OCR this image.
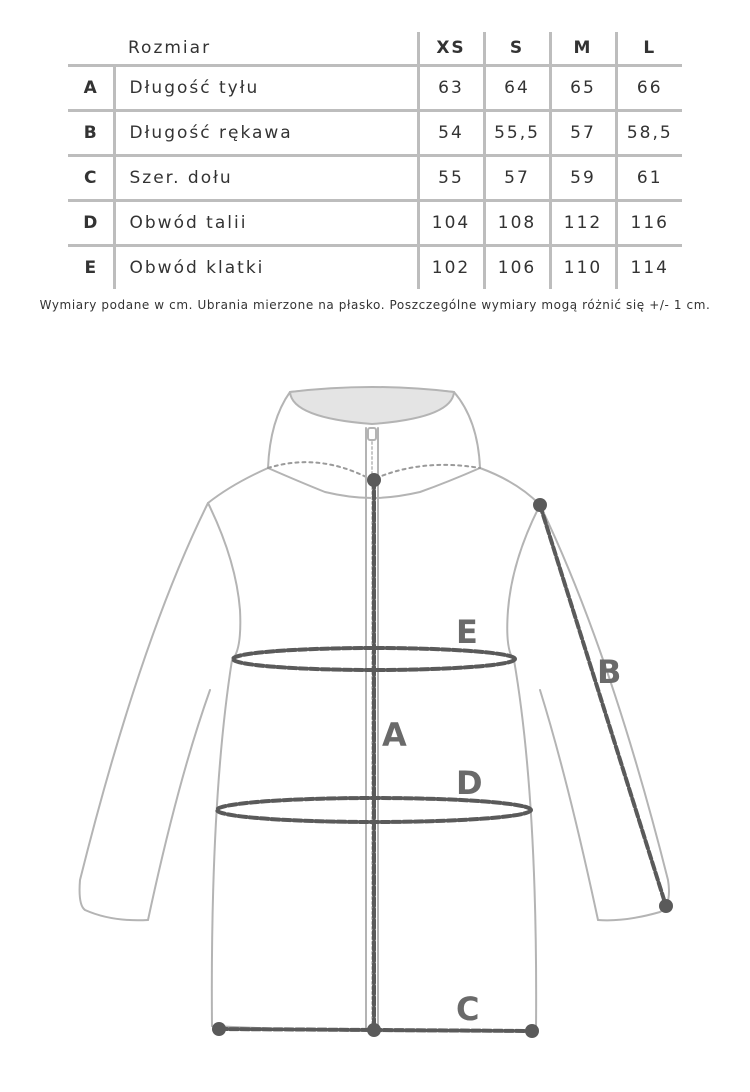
	Rozmiar	XS	S	M	L
A	Długość tyłu	63	64	65	66
B	Długość rękawa	54	55,5	57	58,5
C	Szer. dołu	55	57	59	61
D	Obwód talii	104	108	112	116
E	Obwód klatki	102	106	110	114
Wymiary podane w cm. Ubrania mierzone na płasko. Poszczególne wymiary mogą różnić się +/- 1 cm.
E
A
D
B
C
